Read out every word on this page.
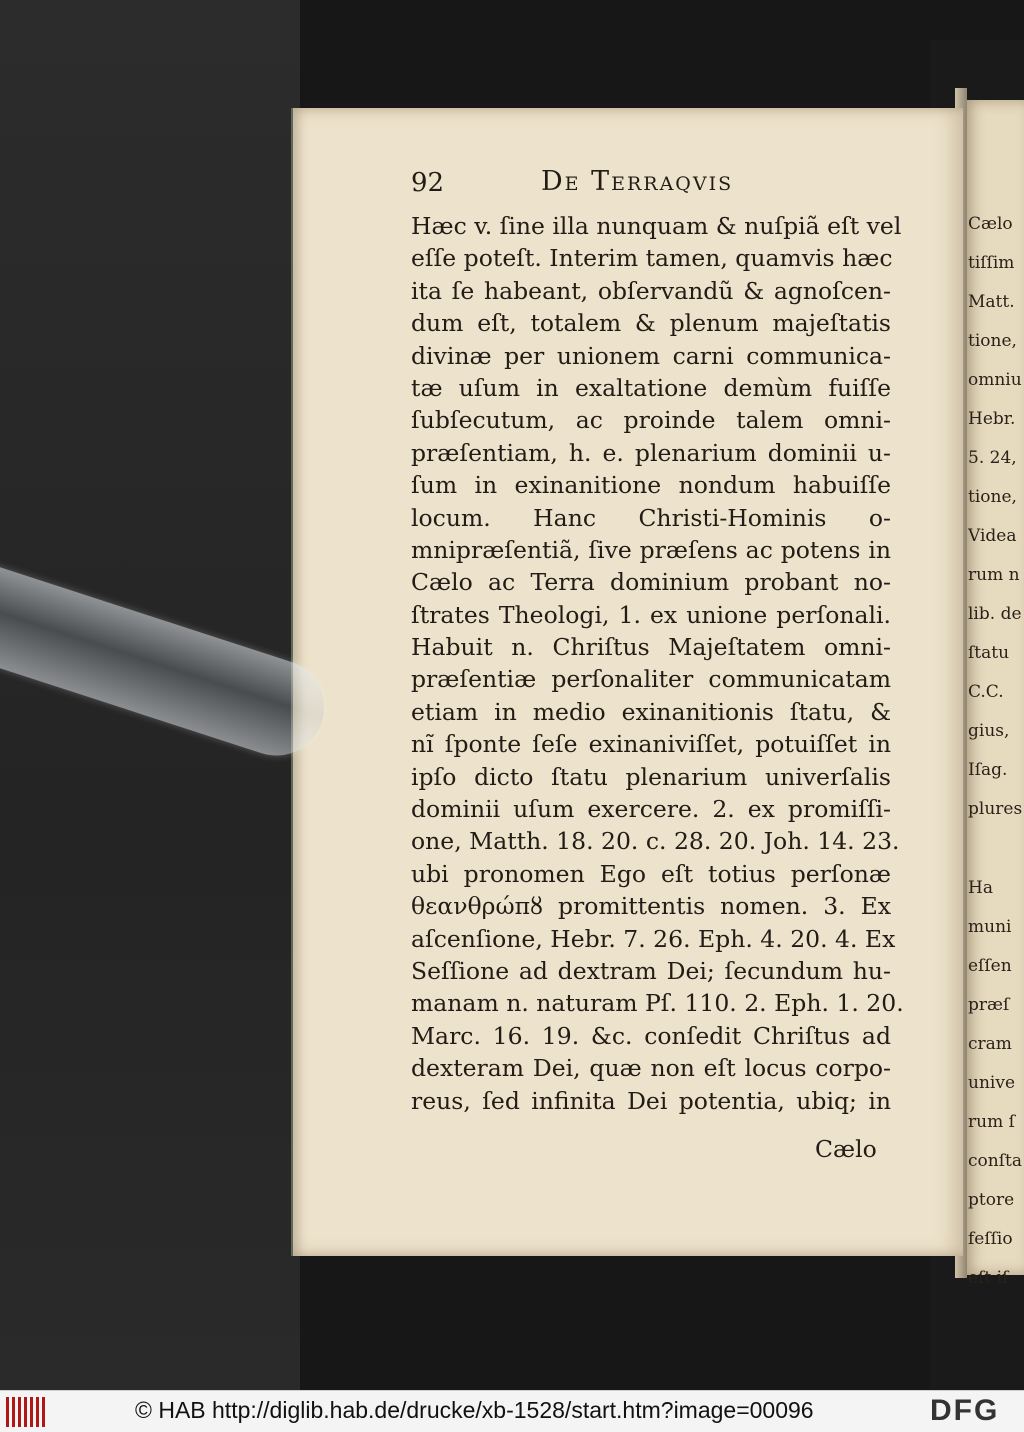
Cælo
tiſſim
Matt.
tione,
omniu
Hebr.
5. 24,
tione,
Videa
rum n
lib. de
ſtatu
C.C.
gius,
Iſag.
plures
Ha
muni
eſſen
præſ
cram
unive
rum ſ
conſta
ptore
feſſio
eſt iſ
92	De Terraqvis
Hæc v. ſine illa nunquam & nuſpiã eſt vel
eſſe poteſt. Interim tamen, quamvis hæc
ita ſe habeant, obſervandũ & agnoſcen-
dum eſt, totalem & plenum majeſtatis
divinæ per unionem carni communica-
tæ uſum in exaltatione demùm fuiſſe
ſubſecutum, ac proinde talem omni-
præſentiam, h. e. plenarium dominii u-
ſum in exinanitione nondum habuiſſe
locum. Hanc Christi-Hominis o-
mnipræſentiã, ſive præſens ac potens in
Cælo ac Terra dominium probant no-
ſtrates Theologi, 1. ex unione perſonali.
Habuit n. Chriſtus Majeſtatem omni-
præſentiæ perſonaliter communicatam
etiam in medio exinanitionis ſtatu, &
nĩ ſponte ſeſe exinaniviſſet, potuiſſet in
ipſo dicto ſtatu plenarium univerſalis
dominii uſum exercere. 2. ex promiſſi-
one, Matth. 18. 20. c. 28. 20. Joh. 14. 23.
ubi pronomen Ego eſt totius perſonæ
θεανθρώπȣ promittentis nomen. 3. Ex
aſcenſione, Hebr. 7. 26. Eph. 4. 20. 4. Ex
Seſſione ad dextram Dei; ſecundum hu-
manam n. naturam Pſ. 110. 2. Eph. 1. 20.
Marc. 16. 19. &c. conſedit Chriſtus ad
dexteram Dei, quæ non eſt locus corpo-
reus, ſed infinita Dei potentia, ubiq; in
Cælo
© HAB http://diglib.hab.de/drucke/xb-1528/start.htm?image=00096	DFG
